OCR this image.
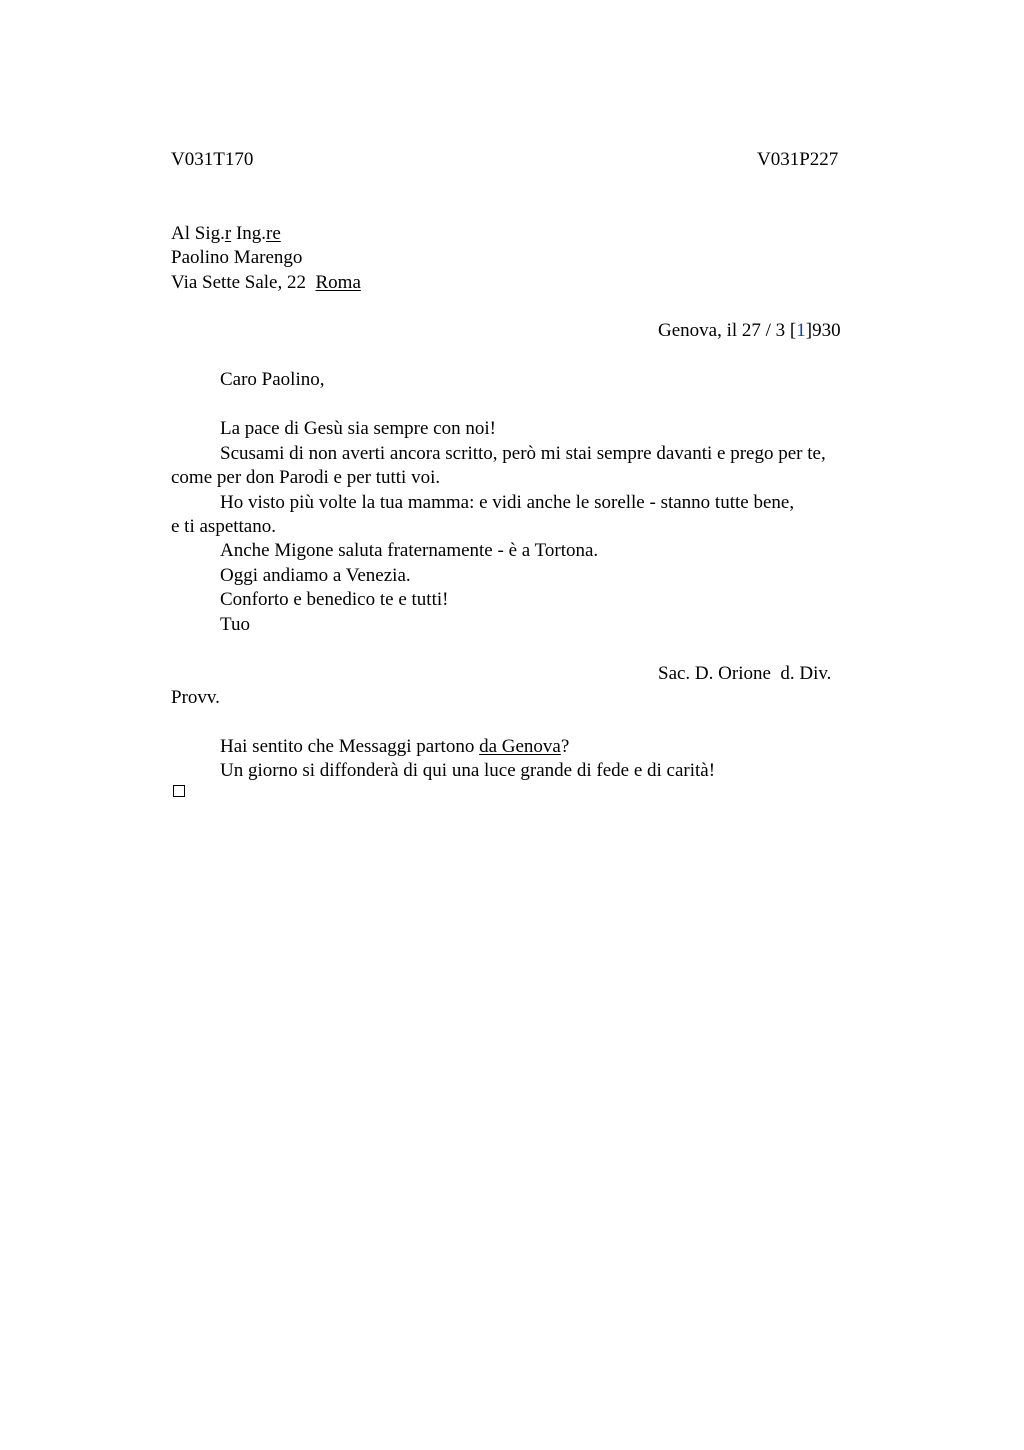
V031T170	V031P227
Al Sig.r Ing.re
Paolino Marengo
Via Sette Sale, 22  Roma
Genova, il 27 / 3 [1]930
Caro Paolino,
La pace di Gesù sia sempre con noi!
Scusami di non averti ancora scritto, però mi stai sempre davanti e prego per te,
come per don Parodi e per tutti voi.
Ho visto più volte la tua mamma: e vidi anche le sorelle - stanno tutte bene,
e ti aspettano.
Anche Migone saluta fraternamente - è a Tortona.
Oggi andiamo a Venezia.
Conforto e benedico te e tutti!
Tuo
Sac. D. Orione  d. Div.
Provv.
Hai sentito che Messaggi partono da Genova?
Un giorno si diffonderà di qui una luce grande di fede e di carità!
